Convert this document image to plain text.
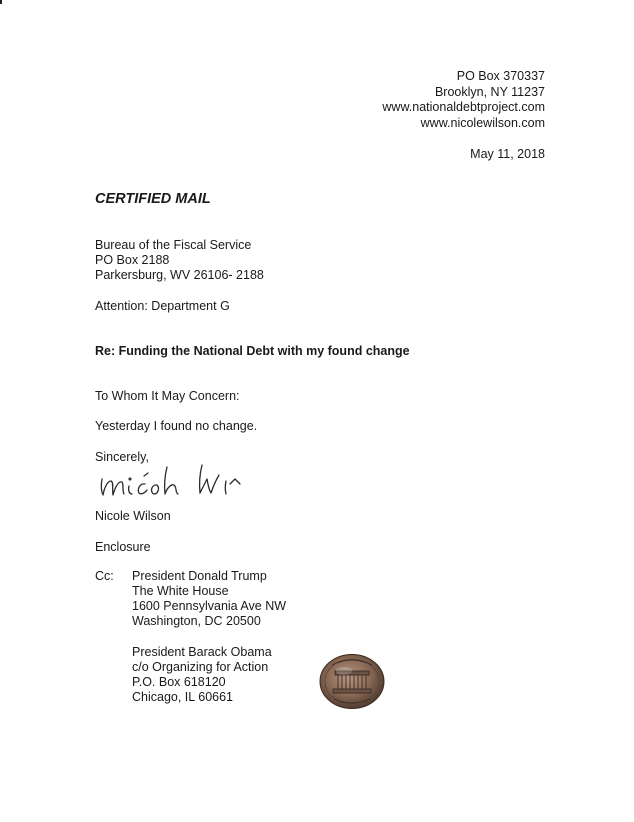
PO Box 370337
Brooklyn, NY 11237
www.nationaldebtproject.com
www.nicolewilson.com
May 11, 2018
CERTIFIED MAIL
Bureau of the Fiscal Service
PO Box 2188
Parkersburg, WV 26106- 2188
Attention: Department G
Re: Funding the National Debt with my found change
To Whom It May Concern:
Yesterday I found no change.
Sincerely,
Nicole Wilson
Enclosure
Cc: President Donald Trump
The White House
1600 Pennsylvania Ave NW
Washington, DC 20500
President Barack Obama
c/o Organizing for Action
P.O. Box 618120
Chicago, IL 60661
